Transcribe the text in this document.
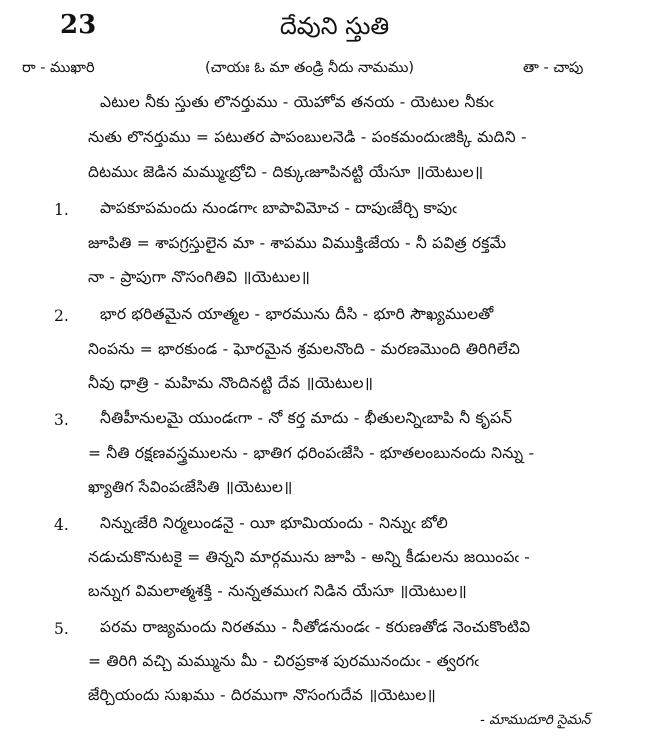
23	దేవుని స్తుతి
రా - ముఖారి	(చాయః ఓ మా తండ్రి నీదు నామము)	తా - చాపు
ఎటుల నీకు స్తుతు లొనర్తుము - యెహోవ తనయ - యెటుల నీకుఁ
నుతు లొనర్తుము = పటుతర పాపంబులనెడి - పంకమందుఁజిక్కి మదిని -
దిటముఁ జెడిన మమ్ముఁబ్రోచి - దిక్కుఁజూపినట్టి యేసూ ॥యెటుల॥
1. పాపకూపమందు నుండగాఁ బాపావిమోచ - దాపుఁజేర్చి కాపుఁ
జూపితి = శాపగ్రస్తులైన మా - శాపము విముక్తిఁజేయ - నీ పవిత్ర రక్తమే
నా - ప్రాపుగా నొసంగితివి ॥యెటుల॥
2. భార భరితమైన యాత్మల - భారమును దీసి - భూరి సౌఖ్యములతో
నింపను = భారకుండ - ఘోరమైన శ్రమలనొంది - మరణమొంది తిరిగిలేచి
నీవు ధాత్రి - మహిమ నొందినట్టి దేవ ॥యెటుల॥
3. నీతిహీనులమై యుండఁగా - నో కర్త మాదు - భీతులన్నిఁబాపి నీ కృపన్
= నీతి రక్షణవస్త్రములను - భాతిగ ధరింపఁజేసి - భూతలంబునందు నిన్ను -
ఖ్యాతిగ సేవింపఁజేసితి ॥యెటుల॥
4. నిన్నుఁజేరి నిర్మలుండనై - యీ భూమియందు - నిన్నుఁ బోలి
నడుచుకొనుటకై = తిన్నని మార్గమును జూపి - అన్ని కీడులను జయింపఁ -
బన్నుగ విమలాత్మశక్తి - నున్నతముఁగ నిడిన యేసూ ॥యెటుల॥
5. పరమ రాజ్యమందు నిరతము - నీతోడనుండఁ - కరుణతోడ నెంచుకొంటివి
= తిరిగి వచ్చి మమ్మును మీ - చిరప్రకాశ పురమునందుఁ - త్వరగఁ
జేర్చియందు సుఖము - దిరముగా నొసంగుదేవ ॥యెటుల॥
- మాముదూరి సైమన్
